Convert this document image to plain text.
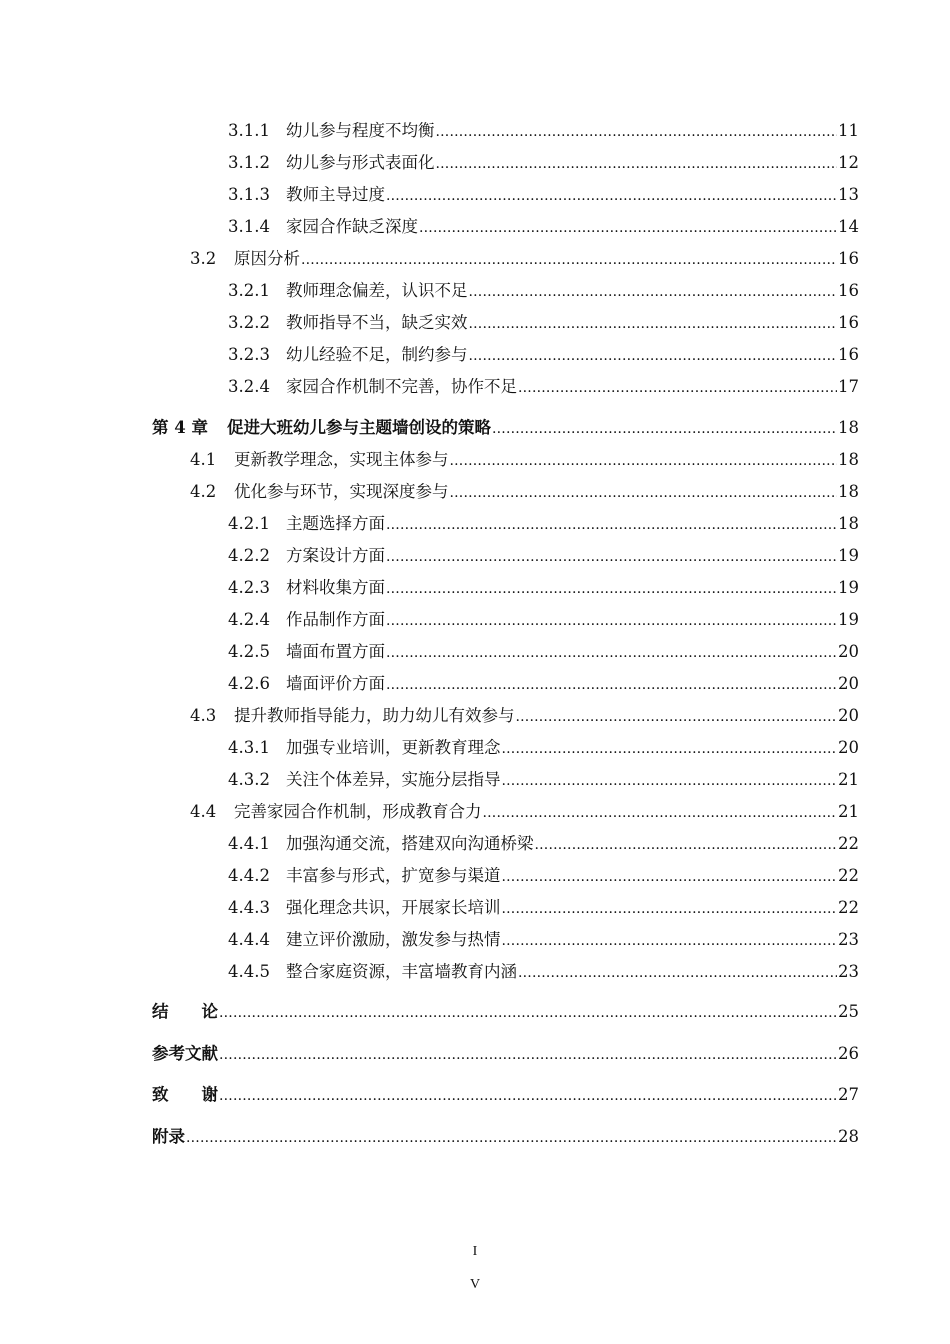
3.1.1 幼儿参与程度不均衡 .....	11
3.1.2 幼儿参与形式表面化 .....	12
3.1.3 教师主导过度 .....	13
3.1.4 家园合作缺乏深度 .....	14
3.2	原因分析 .....	16
3.2.1 教师理念偏差，认识不足 .....	16
3.2.2 教师指导不当，缺乏实效 .....	16
3.2.3 幼儿经验不足，制约参与 .....	16
3.2.4 家园合作机制不完善，协作不足 .....	17
第 4 章	促进大班幼儿参与主题墙创设的策略 .....	18
4.1	更新教学理念，实现主体参与 .....	18
4.2	优化参与环节，实现深度参与 .....	18
4.2.1 主题选择方面 .....	18
4.2.2 方案设计方面 .....	19
4.2.3 材料收集方面 .....	19
4.2.4 作品制作方面 .....	19
4.2.5 墙面布置方面 .....	20
4.2.6 墙面评价方面 .....	20
4.3	提升教师指导能力，助力幼儿有效参与 .....	20
4.3.1 加强专业培训，更新教育理念 .....	20
4.3.2 关注个体差异，实施分层指导 .....	21
4.4	完善家园合作机制，形成教育合力 .....	21
4.4.1 加强沟通交流，搭建双向沟通桥梁 .....	22
4.4.2 丰富参与形式，扩宽参与渠道 .....	22
4.4.3 强化理念共识，开展家长培训 .....	22
4.4.4 建立评价激励，激发参与热情 .....	23
4.4.5 整合家庭资源，丰富墙教育内涵 .....	23
结　　论 .....	25
参考文献 .....	26
致　　谢 .....	27
附录 .....	28
I
V
